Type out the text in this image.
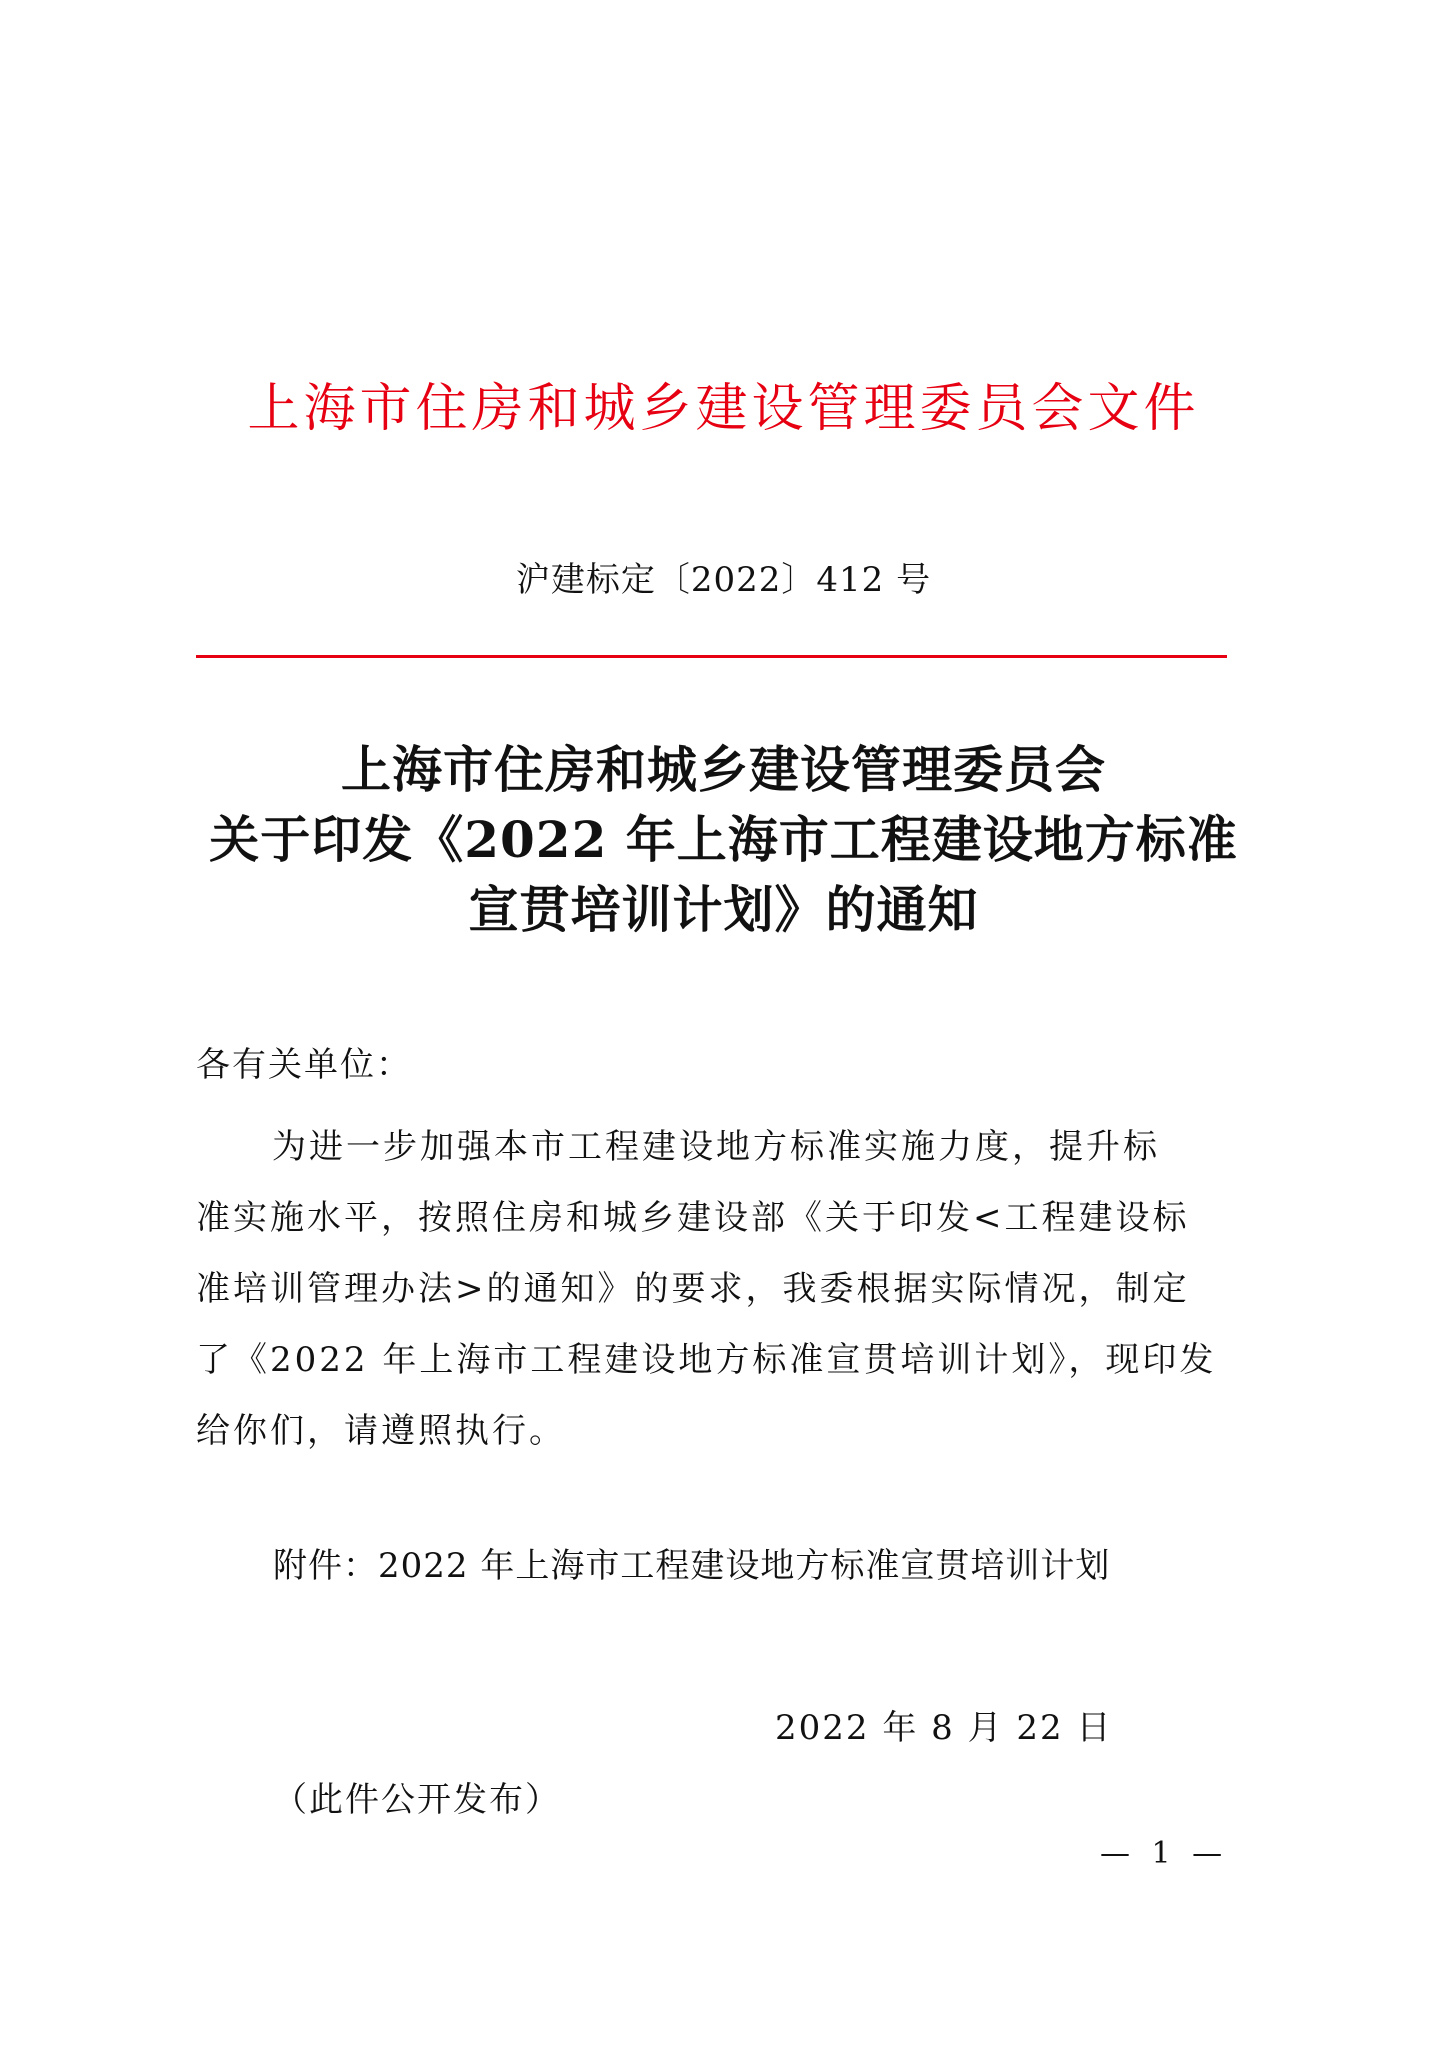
上海市住房和城乡建设管理委员会文件
沪建标定〔2022〕412 号
上海市住房和城乡建设管理委员会
关于印发《2022 年上海市工程建设地方标准
宣贯培训计划》的通知
各有关单位：
为进一步加强本市工程建设地方标准实施力度，提升标
准实施水平，按照住房和城乡建设部《关于印发<工程建设标
准培训管理办法>的通知》的要求，我委根据实际情况，制定
了《2022 年上海市工程建设地方标准宣贯培训计划》，现印发
给你们，请遵照执行。
附件：2022 年上海市工程建设地方标准宣贯培训计划
2022 年 8 月 22 日
（此件公开发布）
— 1 —
